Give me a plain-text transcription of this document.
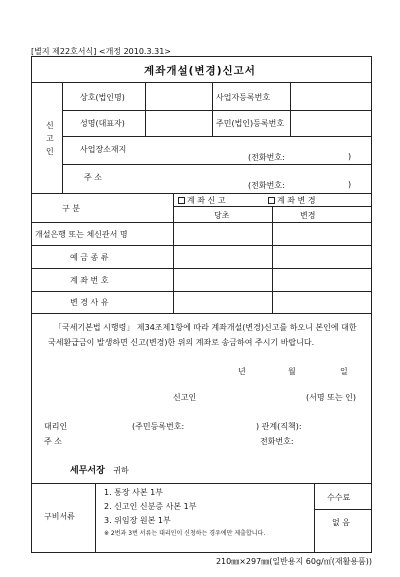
[별지 제22호서식] <개정 2010.3.31>
계좌개설(변경)신고서
신
고
인
상호(법인명)	사업자등록번호
성명(대표자)	주민(법인)등록번호
사업장소재지
(전화번호:	)
주 소
(전화번호:	)
구 분
계 좌 신 고	계 좌 변 경
당초	변경
개설은행 또는 체신관서 명
예 금 종 류
계 좌 번 호
변 경 사 유
「국세기본법 시행령」 제34조제1항에 따라 계좌개설(변경)신고를 하오니 본인에 대한 국세환급금이 발생하면 신고(변경)한 위의 계좌로 송금하여 주시기 바랍니다.
년	월	일
신고인	(서명 또는 인)
대리인	(주민등록번호:	) 관계(직책):
주 소	전화번호:
세무서장 귀하
구비서류
1. 통장 사본 1부
2. 신고인 신분증 사본 1부
3. 위임장 원본 1부
※ 2번과 3번 서류는 대리인이 신청하는 경우에만 제출합니다.
수수료
없 음
210㎜×297㎜(일반용지 60g/㎡(재활용품))
